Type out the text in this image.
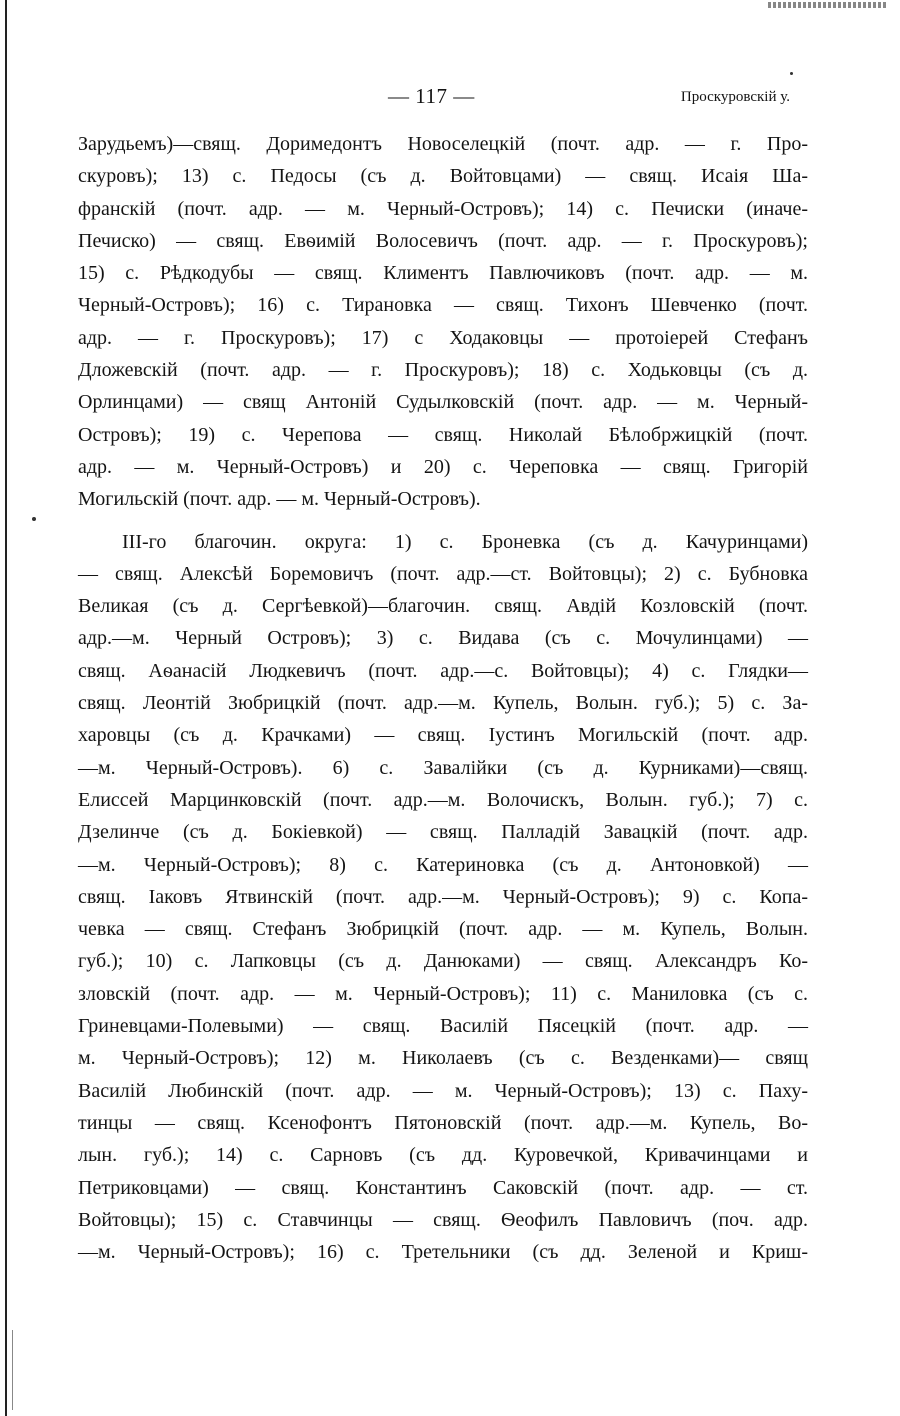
— 117 —	Проскуровскій у.
Зарудьемъ)—свящ. Доримедонтъ Новоселецкій (почт. адр. — г. Про-
скуровъ); 13) с. Педосы (съ д. Войтовцами) — свящ. Исаія Ша-
франскій (почт. адр. — м. Черный-Островъ); 14) с. Печиски (иначе-
Печиско) — свящ. Евѳимій Волосевичъ (почт. адр. — г. Проскуровъ);
15) с. Рѣдкодубы — свящ. Климентъ Павлючиковъ (почт. адр. — м.
Черный-Островъ); 16) с. Тирановка — свящ. Тихонъ Шевченко (почт.
адр. — г. Проскуровъ); 17) с Ходаковцы — протоіерей Стефанъ
Дложевскій (почт. адр. — г. Проскуровъ); 18) с. Ходьковцы (съ д.
Орлинцами) — свящ Антоній Судылковскій (почт. адр. — м. Черный-
Островъ); 19) с. Черепова — свящ. Николай Бѣлобржицкій (почт.
адр. — м. Черный-Островъ) и 20) с. Череповка — свящ. Григорій
Могильскій (почт. адр. — м. Черный-Островъ).
III-го благочин. округа: 1) с. Броневка (съ д. Качуринцами)
— свящ. Алексѣй Боремовичъ (почт. адр.—ст. Войтовцы); 2) с. Бубновка
Великая (съ д. Сергѣевкой)—благочин. свящ. Авдій Козловскій (почт.
адр.—м. Черный Островъ); 3) с. Видава (съ с. Мочулинцами) —
свящ. Аѳанасій Людкевичъ (почт. адр.—с. Войтовцы); 4) с. Глядки—
свящ. Леонтій Зюбрицкій (почт. адр.—м. Купель, Волын. губ.); 5) с. За-
харовцы (съ д. Крачками) — свящ. Іустинъ Могильскій (почт. адр.
—м. Черный-Островъ). 6) с. Завалійки (съ д. Курниками)—свящ.
Елиссей Марцинковскій (почт. адр.—м. Волочискъ, Волын. губ.); 7) с.
Дзелинче (съ д. Бокіевкой) — свящ. Палладій Завацкій (почт. адр.
—м. Черный-Островъ); 8) с. Катериновка (съ д. Антоновкой) —
свящ. Іаковъ Ятвинскій (почт. адр.—м. Черный-Островъ); 9) с. Копа-
чевка — свящ. Стефанъ Зюбрицкій (почт. адр. — м. Купель, Волын.
губ.); 10) с. Лапковцы (съ д. Данюками) — свящ. Александръ Ко-
зловскій (почт. адр. — м. Черный-Островъ); 11) с. Маниловка (съ с.
Гриневцами-Полевыми) — свящ. Василій Пясецкій (почт. адр. —
м. Черный-Островъ); 12) м. Николаевъ (съ с. Везденками)— свящ
Василій Любинскій (почт. адр. — м. Черный-Островъ); 13) с. Паху-
тинцы — свящ. Ксенофонтъ Пятоновскій (почт. адр.—м. Купель, Во-
лын. губ.); 14) с. Сарновъ (съ дд. Куровечкой, Кривачинцами и
Петриковцами) — свящ. Константинъ Саковскій (почт. адр. — ст.
Войтовцы); 15) с. Ставчинцы — свящ. Ѳеофилъ Павловичъ (поч. адр.
—м. Черный-Островъ); 16) с. Третельники (съ дд. Зеленой и Криш-
